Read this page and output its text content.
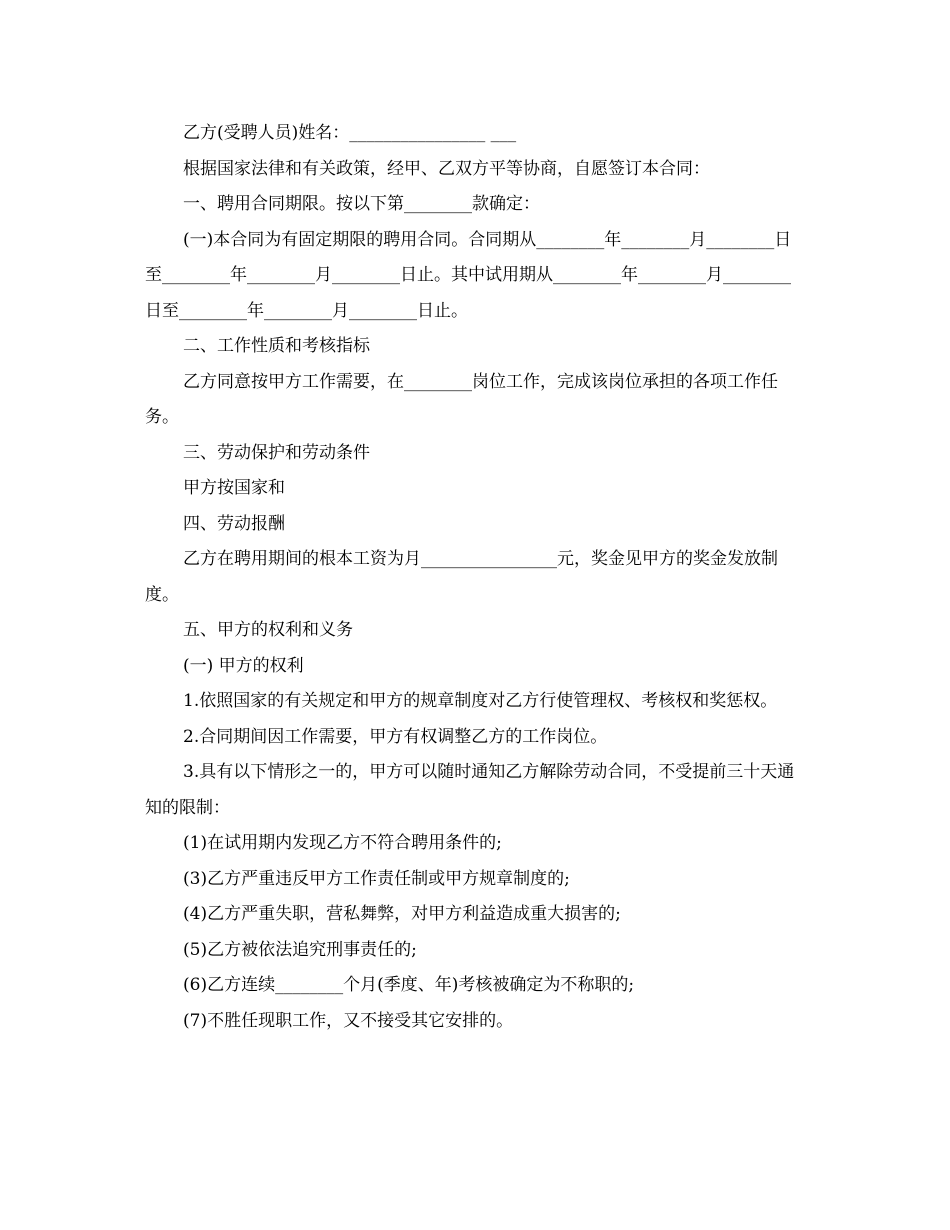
乙方(受聘人员)姓名：________________ ___

根据国家法律和有关政策，经甲、乙双方平等协商，自愿签订本合同：

一、聘用合同期限。按以下第________款确定：

(一)本合同为有固定期限的聘用合同。合同期从________年________月________日至________年________月________日止。其中试用期从________年________月________日至________年________月________日止。

二、工作性质和考核指标

乙方同意按甲方工作需要，在________岗位工作，完成该岗位承担的各项工作任务。

三、劳动保护和劳动条件

甲方按国家和

四、劳动报酬

乙方在聘用期间的根本工资为月________________元，奖金见甲方的奖金发放制度。

五、甲方的权利和义务

(一) 甲方的权利

1.依照国家的有关规定和甲方的规章制度对乙方行使管理权、考核权和奖惩权。

2.合同期间因工作需要，甲方有权调整乙方的工作岗位。

3.具有以下情形之一的，甲方可以随时通知乙方解除劳动合同，不受提前三十天通知的限制：

(1)在试用期内发现乙方不符合聘用条件的;

(3)乙方严重违反甲方工作责任制或甲方规章制度的;

(4)乙方严重失职，营私舞弊，对甲方利益造成重大损害的;

(5)乙方被依法追究刑事责任的;

(6)乙方连续________个月(季度、年)考核被确定为不称职的;

(7)不胜任现职工作，又不接受其它安排的。
